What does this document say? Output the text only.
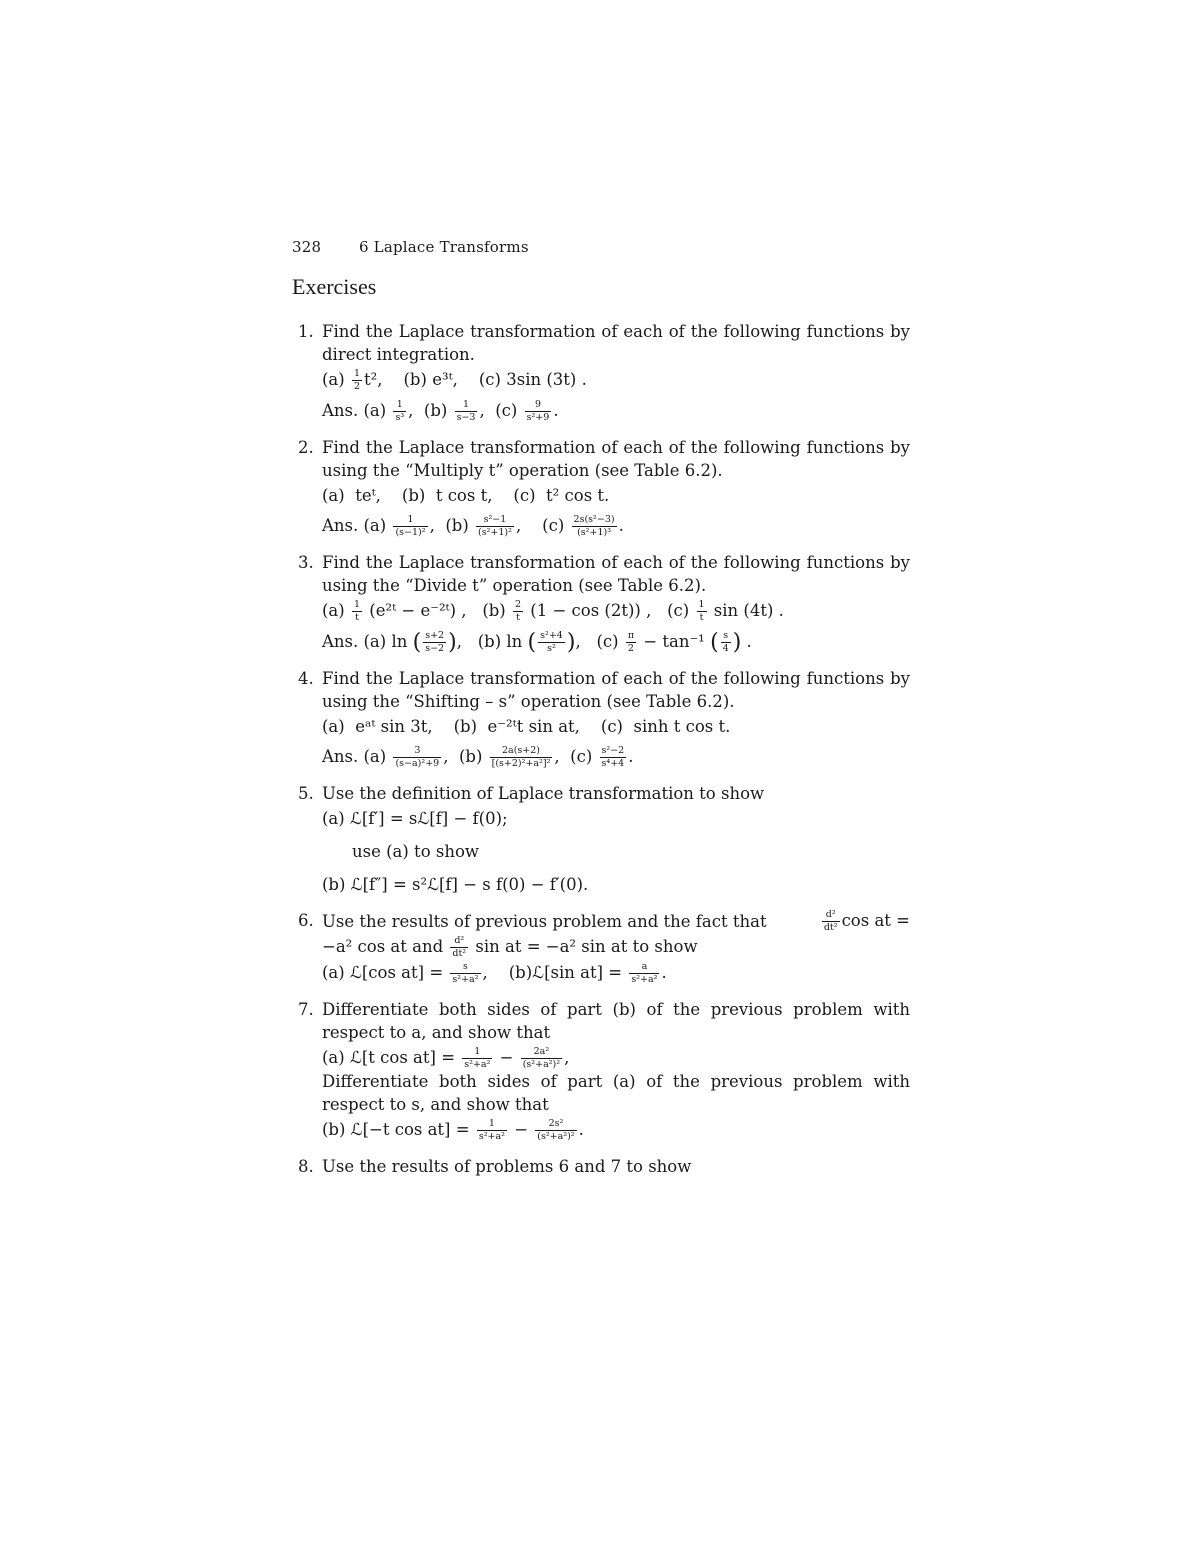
328	6 Laplace Transforms
Exercises
1. Find the Laplace transformation of each of the following functions by direct integration.
$(a) \frac{1}{2} t^2$, (b) e³ᵗ, (c) 3sin (3t) .
Ans. $(a) \frac{1}{\text{s³}}$ , $(b) \frac{1}{s-3}$ , $(c) \frac{9}{\text{s²+9}}$ .
2. Find the Laplace transformation of each of the following functions by using the “Multiply t” operation (see Table 6.2).
(a)  teᵗ,    (b)  t cos t,    (c)  t² cos t.
Ans. $(a) \frac{1}{\text{(s−1)²}}$ , $(b) \frac{\text{s²−1}}{\text{(s²+1)²}}$ , $(c) \frac{\text{2s(s²−3)}}{\text{(s²+1)³}}$ .
3. Find the Laplace transformation of each of the following functions by using the “Divide t” operation (see Table 6.2).
$(a) \frac{1}{t}$ (e²ᵗ − e⁻²ᵗ) , $(b) \frac{2}{t} (1 - \cos (2t))$ , $(c) \frac{1}{t}$ sin (4t) .
Ans. (a) ln ( $\frac{s+2}{s-2}$ ), (b) ln ( $\frac{\text{s²+4}}{\text{s²}}$ ), $(c) \frac{\pi}{2} - \tan^{-1}$ ( $\frac{s}{4}$ ) .
4. Find the Laplace transformation of each of the following functions by using the “Shifting – s” operation (see Table 6.2).
(a)  eᵃᵗ sin 3t,    (b)  e⁻²ᵗt sin at,    (c)  sinh t cos t.
Ans. $(a) \frac{3}{\text{(s−a)²+9}}$ , $(b) \frac{2a(s+2)}{\text{[(s+2)²+a²]²}}$ , $(c) \frac{\text{s²−2}}{\text{s⁴+4}}$ .
5. Use the definition of Laplace transformation to show
(a) ℒ[f′] = sℒ[f] − f(0);
use (a) to show
(b) ℒ[f″] = s²ℒ[f] − s f(0) − f′(0).
6. Use the results of previous problem and the fact that	$\frac{\text{d²}}{\text{dt²}}$ cos at =
−a² cos at and $\frac{\text{d²}}{\text{dt²}}$ sin at = −a² sin at to show
(a) ℒ[cos $at] = \frac{s}{\text{s²+a²}}$ , (b)ℒ[sin $at] = \frac{a}{\text{s²+a²}}$ .
7. Differentiate both sides of part (b) of the previous problem with respect to a, and show that
(a) ℒ[t $\cos at] = \frac{1}{\text{s²+a²}} - \frac{\text{2a²}}{\text{(s²+a²)²}}$ ,
Differentiate both sides of part (a) of the previous problem with respect to s, and show that
(b) ℒ[−t $\cos at] = \frac{1}{\text{s²+a²}} - \frac{\text{2s²}}{\text{(s²+a²)²}}$ .
8. Use the results of problems 6 and 7 to show
